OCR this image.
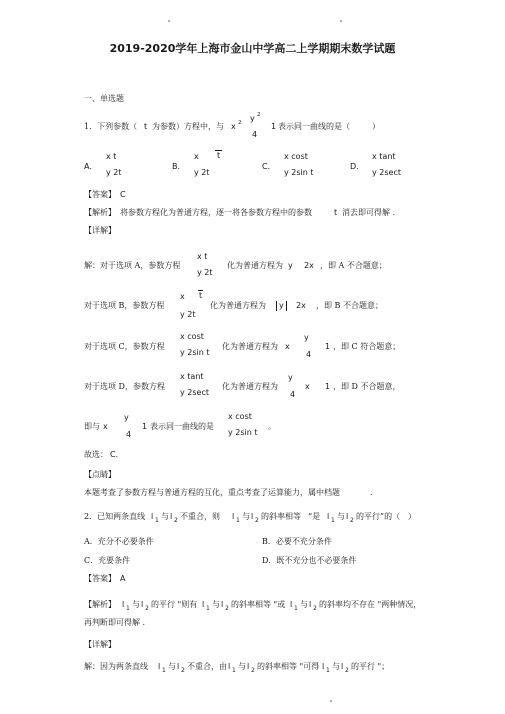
2019-2020学年上海市金山中学高二上学期期末数学试题
一、单选题
1．下列参数（ t 为参数）方程中，与 x 2 y 2
4
1 表示同一曲线的是（	）
A．
x t
y 2t
B．
x t
y 2t
C．
x cost
y 2sin t
D．
x tant
y 2sect
【答案】 C
【解析】 将参数方程化为普通方程，逐一将各参数方程中的参数	t 消去即可得解 .
【详解】
解：对于选项 A，参数方程
x t
y 2t
化为普通方程为 y 2x ，即 A 不合题意；
对于选项 B，参数方程
x t
y 2t
化为普通方程为	y	2x ，即 B 不合题意；
对于选项 C，参数方程
x cost
y 2sin t
化为普通方程为 x
y
4
1 ，即 C 符合题意；
对于选项 D，参数方程
x tant
y 2sect
化为普通方程为
y
4
x 1 ，即 D 不合题意，
即与 x
y
4
1 表示同一曲线的是
x cost
y 2sin t
。
故选： C.
【点睛】
本题考查了参数方程与普通方程的互化，重点考查了运算能力，属中档题	.
2．已知两条直线 l 1 与 l 2 不重合，则 l 1 与 l 2 的斜率相等 “是 l 1 与 l 2 的平行”的（ ）
A．充分不必要条件	B．必要不充分条件
C．充要条件	D．既不充分也不必要条件
【答案】 A
【解析】 l 1 与 l 2 的平行 "则有 l 1 与 l 2 的斜率相等 "或 l 1 与 l 2 的斜率均不存在 "两种情况，
再判断即可得解 .
【详解】
解：因为两条直线 l 1 与 l 2 不重合，由 l 1 与 l 2 的斜率相等 "可得 l 1 与 l 2 的平行 "；
